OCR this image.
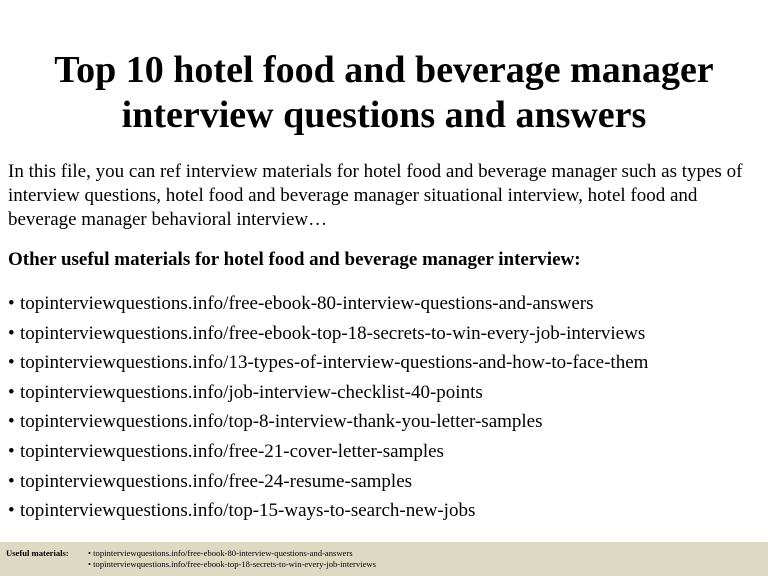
Top 10 hotel food and beverage manager interview questions and answers

In this file, you can ref interview materials for hotel food and beverage manager such as types of interview questions, hotel food and beverage manager situational interview, hotel food and beverage manager behavioral interview…

Other useful materials for hotel food and beverage manager interview:

• topinterviewquestions.info/free-ebook-80-interview-questions-and-answers
• topinterviewquestions.info/free-ebook-top-18-secrets-to-win-every-job-interviews
• topinterviewquestions.info/13-types-of-interview-questions-and-how-to-face-them
• topinterviewquestions.info/job-interview-checklist-40-points
• topinterviewquestions.info/top-8-interview-thank-you-letter-samples
• topinterviewquestions.info/free-21-cover-letter-samples
• topinterviewquestions.info/free-24-resume-samples
• topinterviewquestions.info/top-15-ways-to-search-new-jobs
Useful materials: • topinterviewquestions.info/free-ebook-80-interview-questions-and-answers
• topinterviewquestions.info/free-ebook-top-18-secrets-to-win-every-job-interviews
